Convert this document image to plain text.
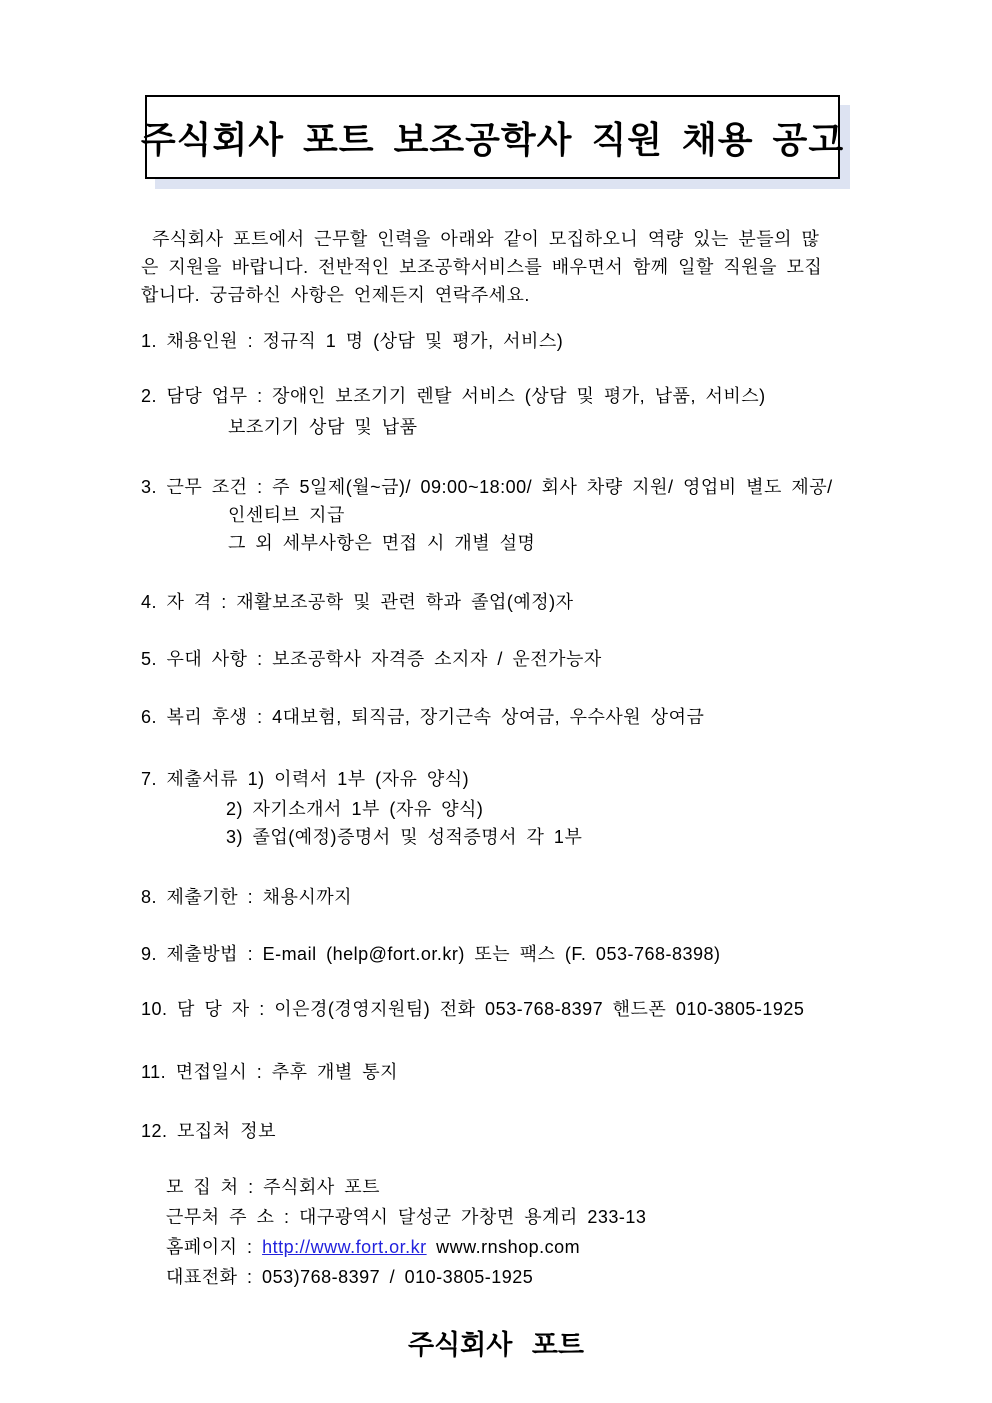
주식회사 포트 보조공학사 직원 채용 공고
주식회사 포트에서 근무할 인력을 아래와 같이 모집하오니 역량 있는 분들의 많
은 지원을 바랍니다. 전반적인 보조공학서비스를 배우면서 함께 일할 직원을 모집
합니다. 궁금하신 사항은 언제든지 연락주세요.
1. 채용인원 : 정규직 1 명 (상담 및 평가, 서비스)
2. 담당 업무 : 장애인 보조기기 렌탈 서비스 (상담 및 평가, 납품, 서비스)
보조기기 상담 및 납품
3. 근무 조건 : 주 5일제(월~금)/ 09:00~18:00/ 회사 차량 지원/ 영업비 별도 제공/
인센티브 지급
그 외 세부사항은 면접 시 개별 설명
4. 자 격 : 재활보조공학 및 관련 학과 졸업(예정)자
5. 우대 사항 : 보조공학사 자격증 소지자 / 운전가능자
6. 복리 후생 : 4대보험, 퇴직금, 장기근속 상여금, 우수사원 상여금
7. 제출서류 1) 이력서 1부 (자유 양식)
2) 자기소개서 1부 (자유 양식)
3) 졸업(예정)증명서 및 성적증명서 각 1부
8. 제출기한 : 채용시까지
9. 제출방법 : E-mail (help@fort.or.kr) 또는 팩스 (F. 053-768-8398)
10. 담 당 자 : 이은경(경영지원팀) 전화 053-768-8397 핸드폰 010-3805-1925
11. 면접일시 : 추후 개별 통지
12. 모집처 정보
모 집 처 : 주식회사 포트
근무처 주 소 : 대구광역시 달성군 가창면 용계리 233-13
홈페이지 : http://www.fort.or.kr www.rnshop.com
대표전화 : 053)768-8397 / 010-3805-1925
주식회사 포트
